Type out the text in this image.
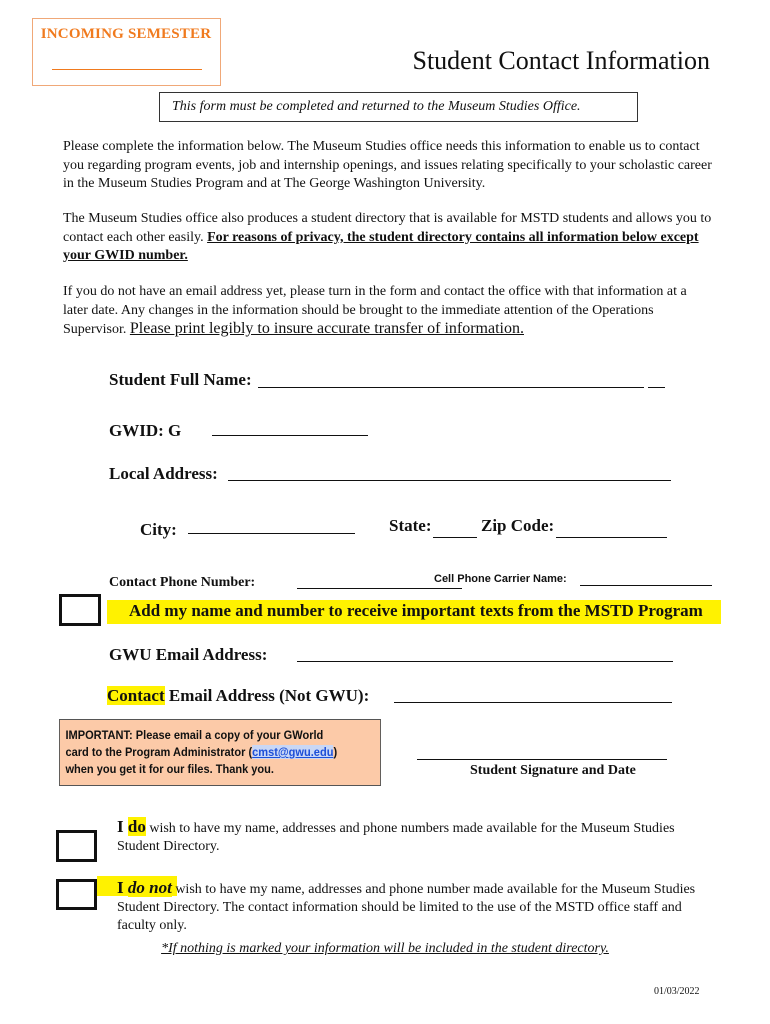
INCOMING SEMESTER
Student Contact Information
This form must be completed and returned to the Museum Studies Office.
Please complete the information below. The Museum Studies office needs this information to enable us to contact you regarding program events, job and internship openings, and issues relating specifically to your scholastic career in the Museum Studies Program and at The George Washington University.
The Museum Studies office also produces a student directory that is available for MSTD students and allows you to contact each other easily. For reasons of privacy, the student directory contains all information below except your GWID number.
If you do not have an email address yet, please turn in the form and contact the office with that information at a later date. Any changes in the information should be brought to the immediate attention of the Operations Supervisor. Please print legibly to insure accurate transfer of information.
Student Full Name:
GWID: G
Local Address:
City:	State:	Zip Code:
Contact Phone Number:	Cell Phone Carrier Name:
Add my name and number to receive important texts from the MSTD Program
GWU Email Address:
Contact Email Address (Not GWU):
IMPORTANT: Please email a copy of your GWorld
card to the Program Administrator (cmst@gwu.edu)
when you get it for our files. Thank you.	Student Signature and Date
I do wish to have my name, addresses and phone numbers made available for the Museum Studies Student Directory.
I do not wish to have my name, addresses and phone number made available for the Museum Studies Student Directory. The contact information should be limited to the use of the MSTD office staff and faculty only.
*If nothing is marked your information will be included in the student directory.
01/03/2022
